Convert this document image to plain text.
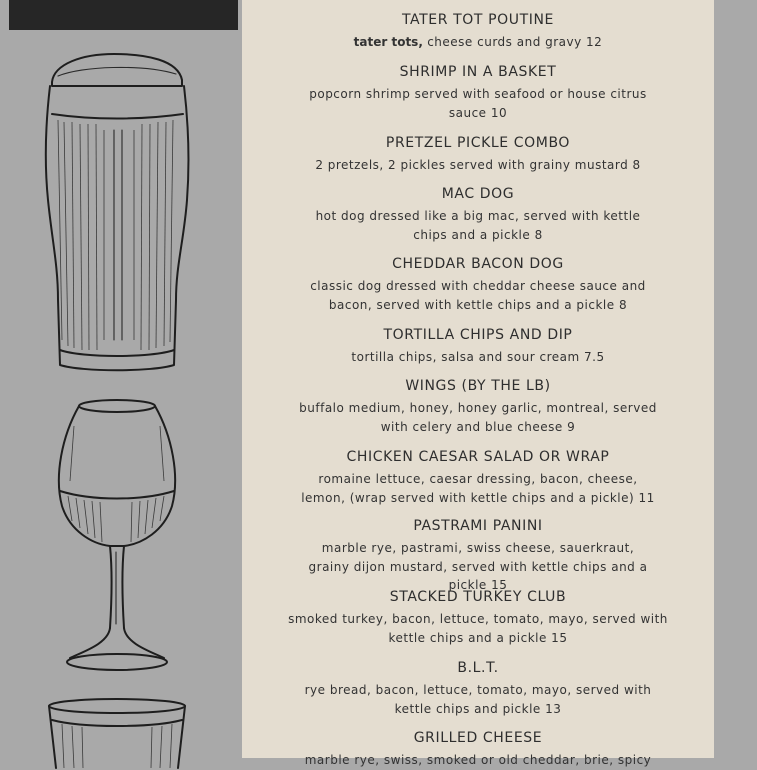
TATER TOT POUTINE
tater tots, cheese curds and gravy 12
SHRIMP IN A BASKET
popcorn shrimp served with seafood or house citrus sauce 10
PRETZEL PICKLE COMBO
2 pretzels, 2 pickles served with grainy mustard 8
MAC DOG
hot dog dressed like a big mac, served with kettle chips and a pickle 8
CHEDDAR BACON DOG
classic dog dressed with cheddar cheese sauce and bacon, served with kettle chips and a pickle 8
TORTILLA CHIPS AND DIP
tortilla chips, salsa and sour cream 7.5
WINGS (BY THE LB)
buffalo medium, honey, honey garlic, montreal, served with celery and blue cheese 9
CHICKEN CAESAR SALAD OR WRAP
romaine lettuce, caesar dressing, bacon, cheese, lemon, (wrap served with kettle chips and a pickle) 11
PASTRAMI PANINI
marble rye, pastrami, swiss cheese, sauerkraut, grainy dijon mustard, served with kettle chips and a pickle 15
STACKED TURKEY CLUB
smoked turkey, bacon, lettuce, tomato, mayo, served with kettle chips and a pickle 15
B.L.T.
rye bread, bacon, lettuce, tomato, mayo, served with kettle chips and pickle 13
GRILLED CHEESE
marble rye, swiss, smoked or old cheddar, brie, spicy
